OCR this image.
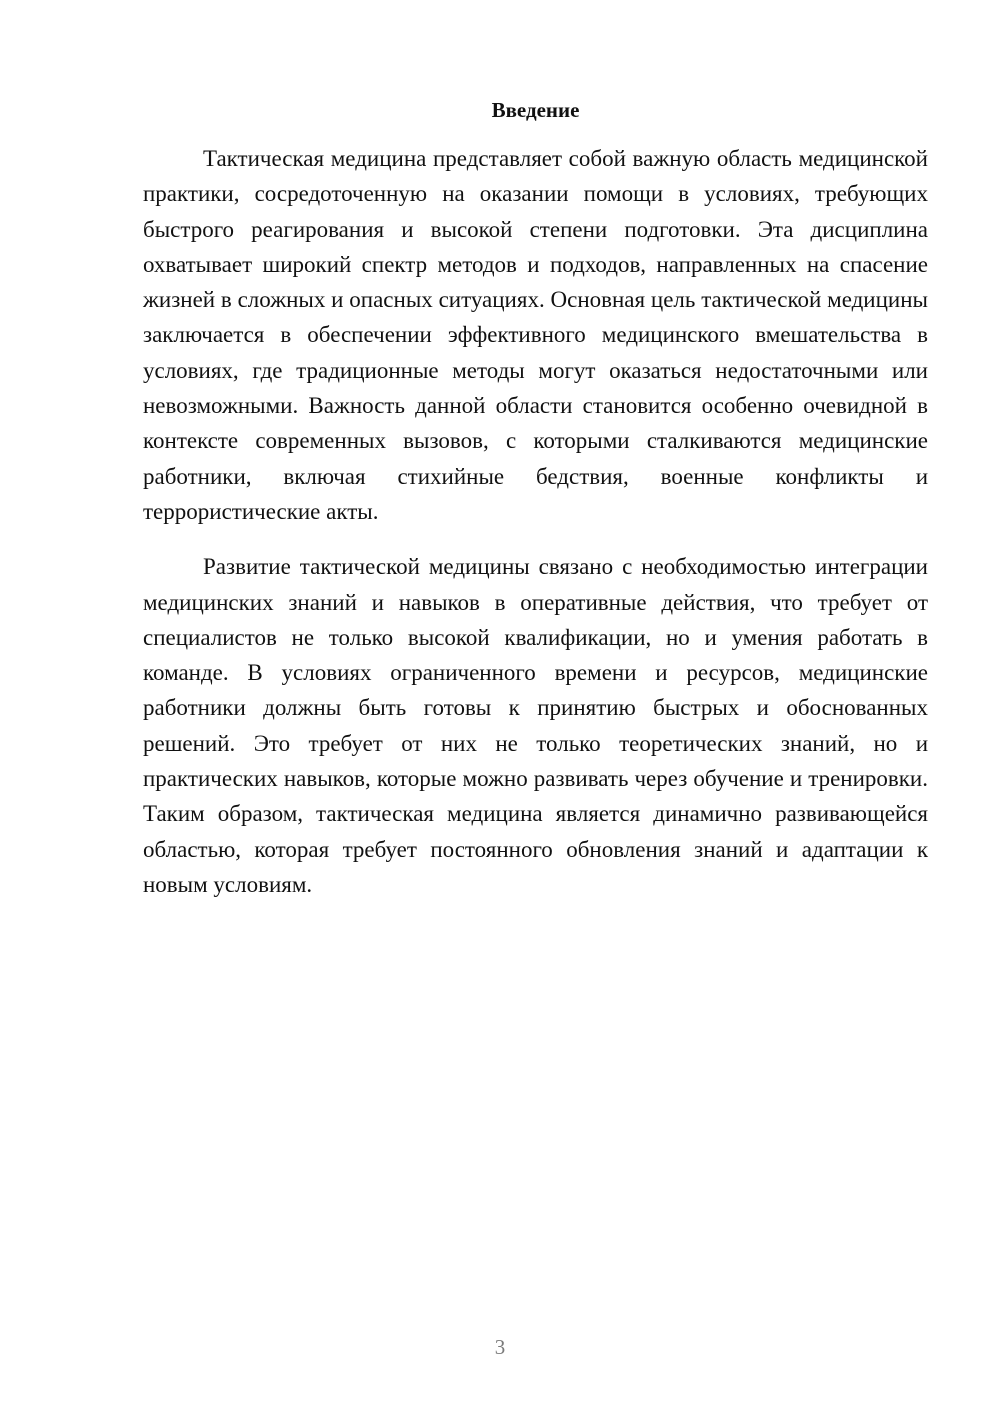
Введение

Тактическая медицина представляет собой важную область медицинской практики, сосредоточенную на оказании помощи в условиях, требующих быстрого реагирования и высокой степени подготовки. Эта дисциплина охватывает широкий спектр методов и подходов, направленных на спасение жизней в сложных и опасных ситуациях. Основная цель тактической медицины заключается в обеспечении эффективного медицинского вмешательства в условиях, где традиционные методы могут оказаться недостаточными или невозможными. Важность данной области становится особенно очевидной в контексте современных вызовов, с которыми сталкиваются медицинские работники, включая стихийные бедствия, военные конфликты и террористические акты.

Развитие тактической медицины связано с необходимостью интеграции медицинских знаний и навыков в оперативные действия, что требует от специалистов не только высокой квалификации, но и умения работать в команде. В условиях ограниченного времени и ресурсов, медицинские работники должны быть готовы к принятию быстрых и обоснованных решений. Это требует от них не только теоретических знаний, но и практических навыков, которые можно развивать через обучение и тренировки. Таким образом, тактическая медицина является динамично развивающейся областью, которая требует постоянного обновления знаний и адаптации к новым условиям.

3
